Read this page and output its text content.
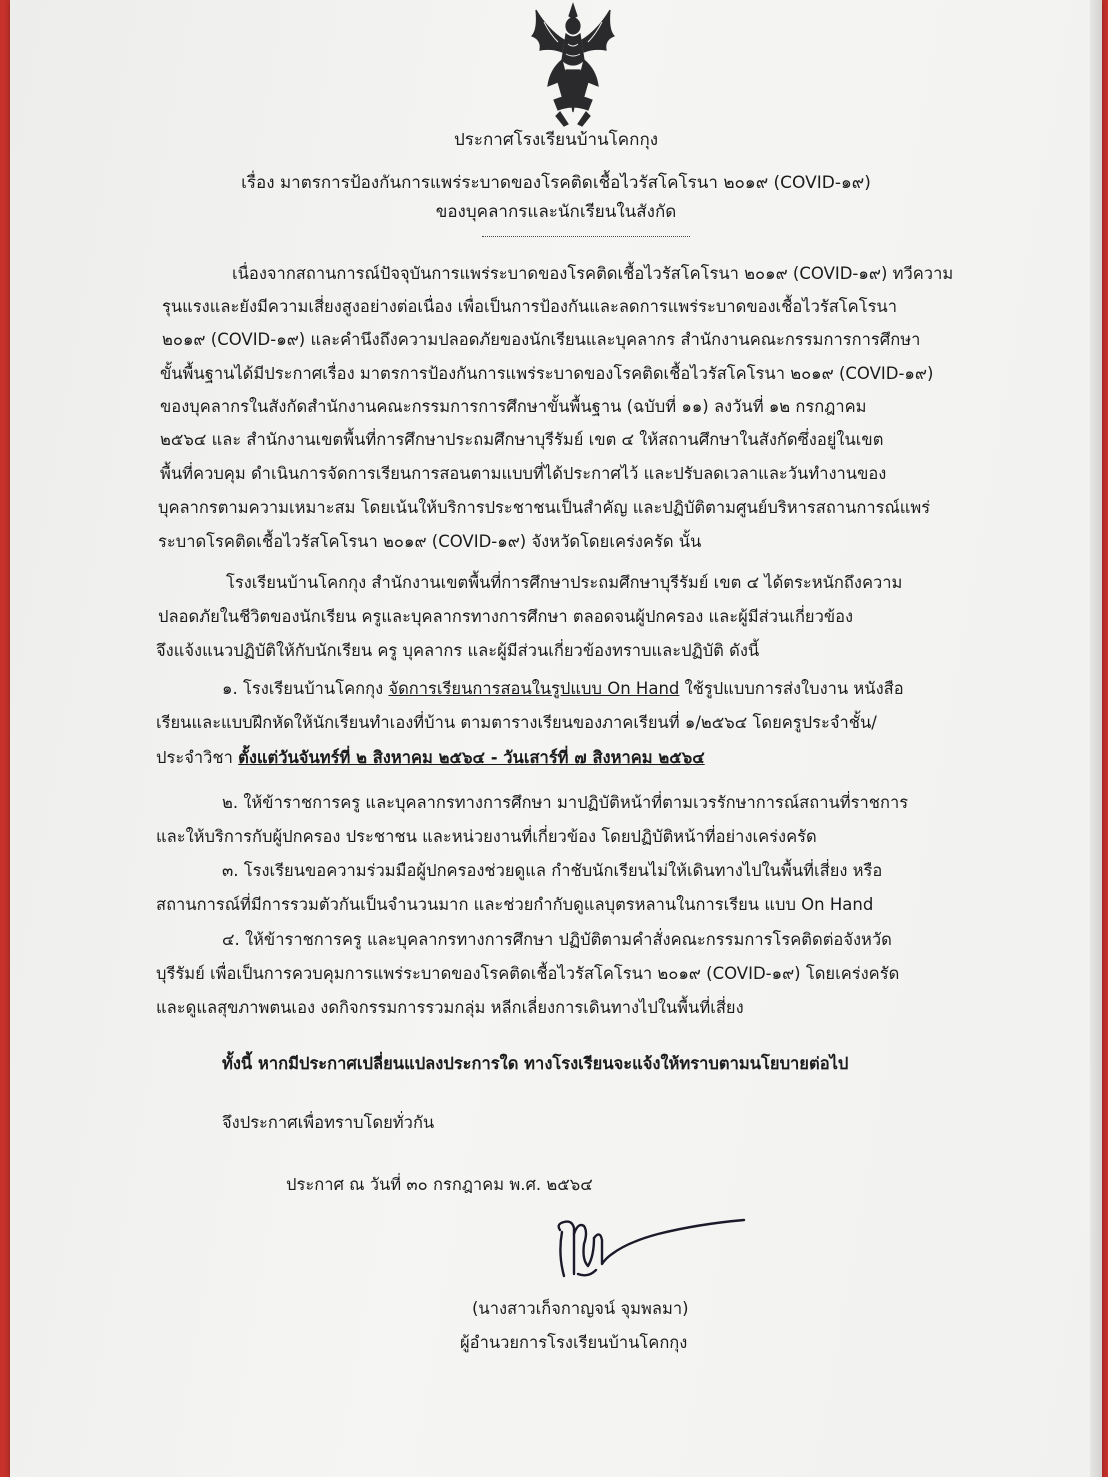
ประกาศโรงเรียนบ้านโคกกุง
เรื่อง มาตรการป้องกันการแพร่ระบาดของโรคติดเชื้อไวรัสโคโรนา ๒๐๑๙ (COVID-๑๙)
ของบุคลากรและนักเรียนในสังกัด
เนื่องจากสถานการณ์ปัจจุบันการแพร่ระบาดของโรคติดเชื้อไวรัสโคโรนา ๒๐๑๙ (COVID-๑๙) ทวีความ
รุนแรงและยังมีความเสี่ยงสูงอย่างต่อเนื่อง เพื่อเป็นการป้องกันและลดการแพร่ระบาดของเชื้อไวรัสโคโรนา
๒๐๑๙ (COVID-๑๙) และคำนึงถึงความปลอดภัยของนักเรียนและบุคลากร สำนักงานคณะกรรมการการศึกษา
ขั้นพื้นฐานได้มีประกาศเรื่อง มาตรการป้องกันการแพร่ระบาดของโรคติดเชื้อไวรัสโคโรนา ๒๐๑๙ (COVID-๑๙)
ของบุคลากรในสังกัดสำนักงานคณะกรรมการการศึกษาขั้นพื้นฐาน (ฉบับที่ ๑๑) ลงวันที่ ๑๒ กรกฎาคม
๒๕๖๔ และ สำนักงานเขตพื้นที่การศึกษาประถมศึกษาบุรีรัมย์ เขต ๔ ให้สถานศึกษาในสังกัดซึ่งอยู่ในเขต
พื้นที่ควบคุม ดำเนินการจัดการเรียนการสอนตามแบบที่ได้ประกาศไว้ และปรับลดเวลาและวันทำงานของ
บุคลากรตามความเหมาะสม โดยเน้นให้บริการประชาชนเป็นสำคัญ และปฏิบัติตามศูนย์บริหารสถานการณ์แพร่
ระบาดโรคติดเชื้อไวรัสโคโรนา ๒๐๑๙ (COVID-๑๙) จังหวัดโดยเคร่งครัด นั้น
โรงเรียนบ้านโคกกุง สำนักงานเขตพื้นที่การศึกษาประถมศึกษาบุรีรัมย์ เขต ๔ ได้ตระหนักถึงความ
ปลอดภัยในชีวิตของนักเรียน ครูและบุคลากรทางการศึกษา ตลอดจนผู้ปกครอง และผู้มีส่วนเกี่ยวข้อง
จึงแจ้งแนวปฏิบัติให้กับนักเรียน ครู บุคลากร และผู้มีส่วนเกี่ยวข้องทราบและปฏิบัติ ดังนี้
๑. โรงเรียนบ้านโคกกุง จัดการเรียนการสอนในรูปแบบ On Hand ใช้รูปแบบการส่งใบงาน หนังสือ
เรียนและแบบฝึกหัดให้นักเรียนทำเองที่บ้าน ตามตารางเรียนของภาคเรียนที่ ๑/๒๕๖๔ โดยครูประจำชั้น/
ประจำวิชา ตั้งแต่วันจันทร์ที่ ๒ สิงหาคม ๒๕๖๔ - วันเสาร์ที่ ๗ สิงหาคม ๒๕๖๔
๒. ให้ข้าราชการครู และบุคลากรทางการศึกษา มาปฏิบัติหน้าที่ตามเวรรักษาการณ์สถานที่ราชการ
และให้บริการกับผู้ปกครอง ประชาชน และหน่วยงานที่เกี่ยวข้อง โดยปฏิบัติหน้าที่อย่างเคร่งครัด
๓. โรงเรียนขอความร่วมมือผู้ปกครองช่วยดูแล กำชับนักเรียนไม่ให้เดินทางไปในพื้นที่เสี่ยง หรือ
สถานการณ์ที่มีการรวมตัวกันเป็นจำนวนมาก และช่วยกำกับดูแลบุตรหลานในการเรียน แบบ On Hand
๔. ให้ข้าราชการครู และบุคลากรทางการศึกษา ปฏิบัติตามคำสั่งคณะกรรมการโรคติดต่อจังหวัด
บุรีรัมย์ เพื่อเป็นการควบคุมการแพร่ระบาดของโรคติดเชื้อไวรัสโคโรนา ๒๐๑๙ (COVID-๑๙) โดยเคร่งครัด
และดูแลสุขภาพตนเอง งดกิจกรรมการรวมกลุ่ม หลีกเลี่ยงการเดินทางไปในพื้นที่เสี่ยง
ทั้งนี้ หากมีประกาศเปลี่ยนแปลงประการใด ทางโรงเรียนจะแจ้งให้ทราบตามนโยบายต่อไป
จึงประกาศเพื่อทราบโดยทั่วกัน
ประกาศ ณ วันที่ ๓๐ กรกฎาคม พ.ศ. ๒๕๖๔
(นางสาวเก็จกาญจน์ จุมพลมา)
ผู้อำนวยการโรงเรียนบ้านโคกกุง
